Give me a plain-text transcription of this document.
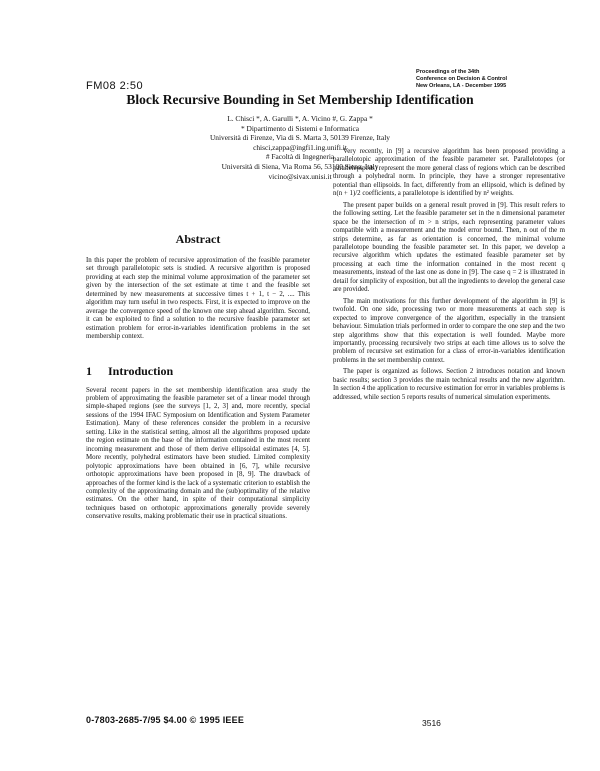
FM08 2:50
Proceedings of the 34th
Conference on Decision & Control
New Orleans, LA - December 1995
Block Recursive Bounding in Set Membership Identification
L. Chisci *, A. Garulli *, A. Vicino #, G. Zappa *
* Dipartimento di Sistemi e Informatica
Università di Firenze, Via di S. Marta 3, 50139 Firenze, Italy
chisci,zappa@ingfi1.ing.unifi.it
# Facoltà di Ingegneria
Università di Siena, Via Roma 56, 53100 Siena, Italy
vicino@sivax.unisi.it
Abstract

In this paper the problem of recursive approximation of the feasible parameter set through parallelotopic sets is studied. A recursive algorithm is proposed providing at each step the minimal volume approximation of the parameter set given by the intersection of the set estimate at time t and the feasible set determined by new measurements at successive times t + 1, t − 2, .... This algorithm may turn useful in two respects. First, it is expected to improve on the average the convergence speed of the known one step ahead algorithm. Second, it can be exploited to find a solution to the recursive feasible parameter set estimation problem for error-in-variables identification problems in the set membership context.

1 Introduction

Several recent papers in the set membership identification area study the problem of approximating the feasible parameter set of a linear model through simple-shaped regions (see the surveys [1, 2, 3] and, more recently, special sessions of the 1994 IFAC Symposium on Identification and System Parameter Estimation). Many of these references consider the problem in a recursive setting. Like in the statistical setting, almost all the algorithms proposed update the region estimate on the base of the information contained in the most recent incoming measurement and those of them derive ellipsoidal estimates [4, 5]. More recently, polyhedral estimators have been studied. Limited complexity polytopic approximations have been obtained in [6, 7], while recursive orthotopic approximations have been proposed in [8, 9]. The drawback of approaches of the former kind is the lack of a systematic criterion to establish the complexity of the approximating domain and the (sub)optimality of the relative estimates. On the other hand, in spite of their computational simplicity techniques based on orthotopic approximations generally provide severely conservative results, making problematic their use in practical situations.

Very recently, in [9] a recursive algorithm has been proposed providing a parallelotopic approximation of the feasible parameter set. Parallelotopes (or parallelepipeds) represent the more general class of regions which can be described through a polyhedral norm. In principle, they have a stronger representative potential than ellipsoids. In fact, differently from an ellipsoid, which is defined by n(n + 1)/2 coefficients, a parallelotope is identified by n² weights.

The present paper builds on a general result proved in [9]. This result refers to the following setting. Let the feasible parameter set in the n dimensional parameter space be the intersection of m > n strips, each representing parameter values compatible with a measurement and the model error bound. Then, n out of the m strips determine, as far as orientation is concerned, the minimal volume parallelotope bounding the feasible parameter set. In this paper, we develop a recursive algorithm which updates the estimated feasible parameter set by processing at each time the information contained in the most recent q measurements, instead of the last one as done in [9]. The case q = 2 is illustrated in detail for simplicity of exposition, but all the ingredients to develop the general case are provided.

The main motivations for this further development of the algorithm in [9] is twofold. On one side, processing two or more measurements at each step is expected to improve convergence of the algorithm, especially in the transient behaviour. Simulation trials performed in order to compare the one step and the two step algorithms show that this expectation is well founded. Maybe more importantly, processing recursively two strips at each time allows us to solve the problem of recursive set estimation for a class of error-in-variables identification problems in the set membership context.

The paper is organized as follows. Section 2 introduces notation and known basic results; section 3 provides the main technical results and the new algorithm. In section 4 the application to recursive estimation for error in variables problems is addressed, while section 5 reports results of numerical simulation experiments.

0-7803-2685-7/95 $4.00 © 1995 IEEE	3516
